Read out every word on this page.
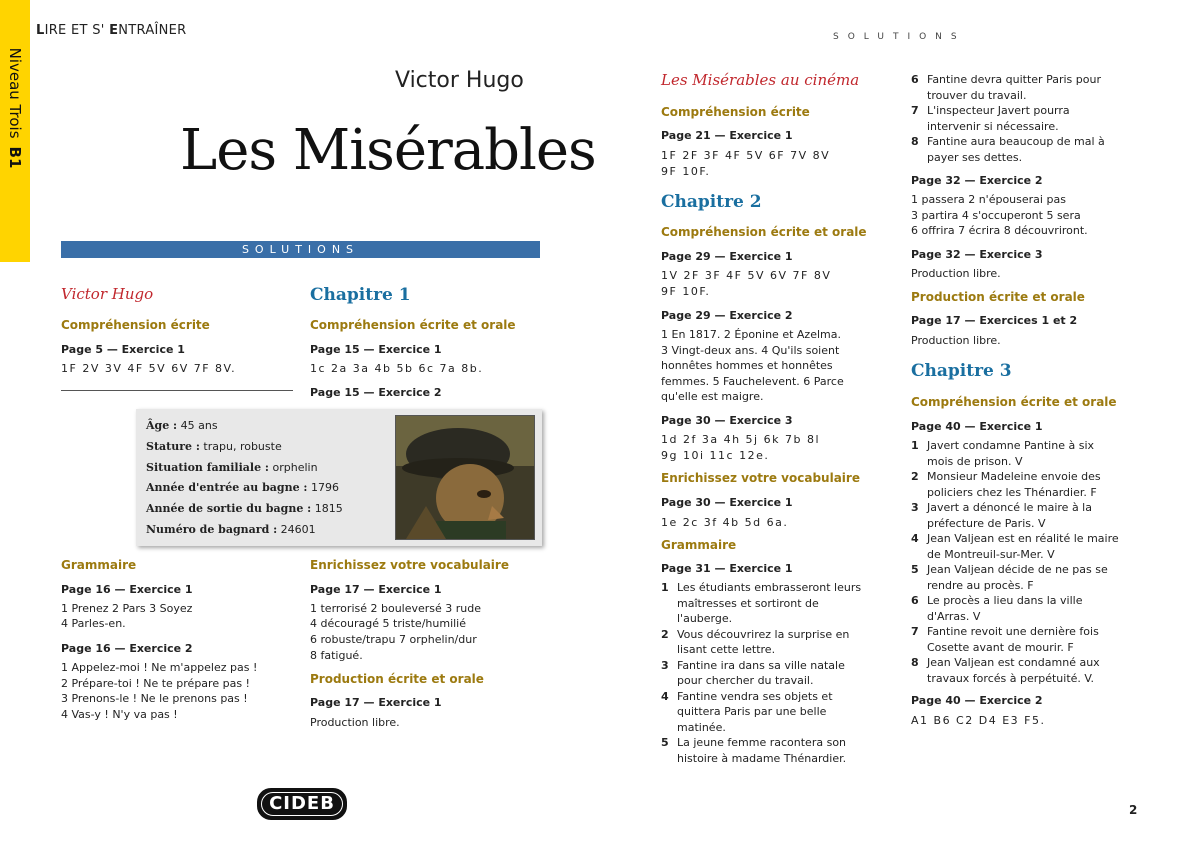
Niveau TroisB1
LIRE ET S' ENTRAÎNER	SOLUTIONS
Victor Hugo
Les Misérables
SOLUTIONS
Victor Hugo
Compréhension écrite
Page 5 — Exercice 1
1F 2V 3V 4F 5V 6V 7F 8V.
Chapitre 1
Compréhension écrite et orale
Page 15 — Exercice 1
1c 2a 3a 4b 5b 6c 7a 8b.
Page 15 — Exercice 2
Âge : 45 ans
Stature : trapu, robuste
Situation familiale : orphelin
Année d'entrée au bagne : 1796
Année de sortie du bagne : 1815
Numéro de bagnard : 24601
Grammaire
Page 16 — Exercice 1
1 Prenez 2 Pars 3 Soyez
4 Parles-en.
Page 16 — Exercice 2
1 Appelez-moi ! Ne m'appelez pas !
2 Prépare-toi ! Ne te prépare pas !
3 Prenons-le ! Ne le prenons pas !
4 Vas-y ! N'y va pas !
Enrichissez votre vocabulaire
Page 17 — Exercice 1
1 terrorisé 2 bouleversé 3 rude
4 découragé 5 triste/humilié
6 robuste/trapu 7 orphelin/dur
8 fatigué.
Production écrite et orale
Page 17 — Exercice 1
Production libre.
CIDEB
Les Misérables au cinéma
Compréhension écrite
Page 21 — Exercice 1
1F 2F 3F 4F 5V 6F 7V 8V
9F 10F.
Chapitre 2
Compréhension écrite et orale
Page 29 — Exercice 1
1V 2F 3F 4F 5V 6V 7F 8V
9F 10F.
Page 29 — Exercice 2
1 En 1817. 2 Éponine et Azelma.
3 Vingt-deux ans. 4 Qu'ils soient
honnêtes hommes et honnêtes
femmes. 5 Fauchelevent. 6 Parce
qu'elle est maigre.
Page 30 — Exercice 3
1d 2f 3a 4h 5j 6k 7b 8l
9g 10i 11c 12e.
Enrichissez votre vocabulaire
Page 30 — Exercice 1
1e 2c 3f 4b 5d 6a.
Grammaire
Page 31 — Exercice 1
1 Les étudiants embrasseront leurs
maîtresses et sortiront de
l'auberge.
2 Vous découvrirez la surprise en
lisant cette lettre.
3 Fantine ira dans sa ville natale
pour chercher du travail.
4 Fantine vendra ses objets et
quittera Paris par une belle
matinée.
5 La jeune femme racontera son
histoire à madame Thénardier.
6 Fantine devra quitter Paris pour
trouver du travail.
7 L'inspecteur Javert pourra
intervenir si nécessaire.
8 Fantine aura beaucoup de mal à
payer ses dettes.
Page 32 — Exercice 2
1 passera 2 n'épouserai pas
3 partira 4 s'occuperont 5 sera
6 offrira 7 écrira 8 découvriront.
Page 32 — Exercice 3
Production libre.
Production écrite et orale
Page 17 — Exercices 1 et 2
Production libre.
Chapitre 3
Compréhension écrite et orale
Page 40 — Exercice 1
1 Javert condamne Pantine à six
mois de prison. V
2 Monsieur Madeleine envoie des
policiers chez les Thénardier. F
3 Javert a dénoncé le maire à la
préfecture de Paris. V
4 Jean Valjean est en réalité le maire
de Montreuil-sur-Mer. V
5 Jean Valjean décide de ne pas se
rendre au procès. F
6 Le procès a lieu dans la ville
d'Arras. V
7 Fantine revoit une dernière fois
Cosette avant de mourir. F
8 Jean Valjean est condamné aux
travaux forcés à perpétuité. V.
Page 40 — Exercice 2
A1 B6 C2 D4 E3 F5.
2
